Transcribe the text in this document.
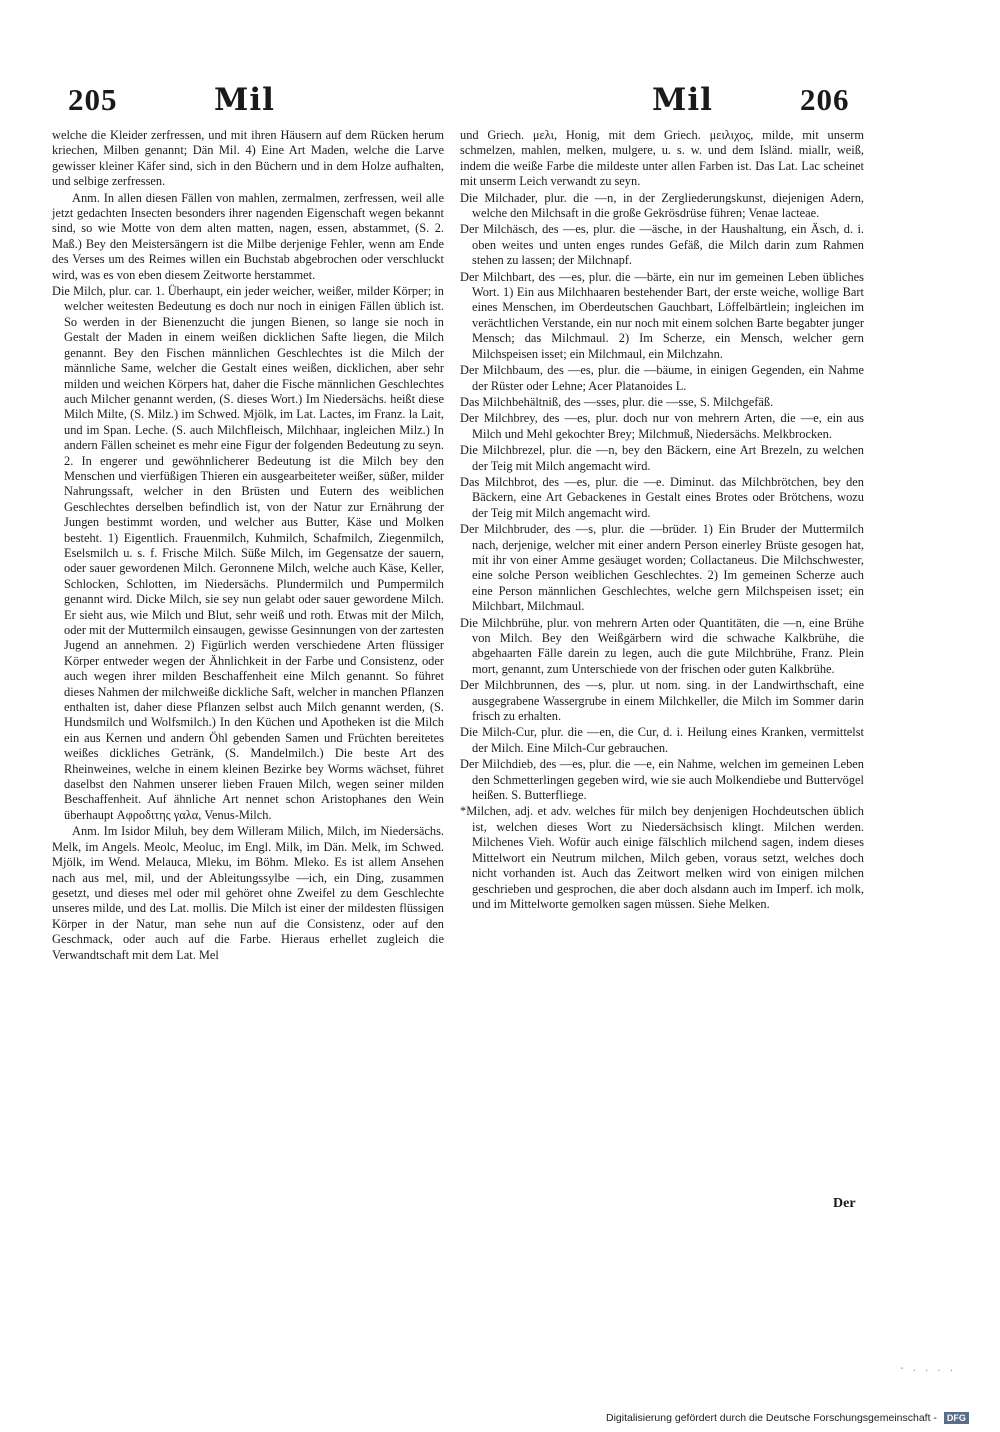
205	Mil	Mil	206

welche die Kleider zerfressen, und mit ihren Häusern auf dem Rücken herum kriechen, Milben genannt; Dän Mil. 4) Eine Art Maden, welche die Larve gewisser kleiner Käfer sind, sich in den Büchern und in dem Holze aufhalten, und selbige zerfressen.

Anm. In allen diesen Fällen von mahlen, zermalmen, zerfressen, weil alle jetzt gedachten Insecten besonders ihrer nagenden Eigenschaft wegen bekannt sind, so wie Motte von dem alten matten, nagen, essen, abstammet, (S. 2. Maß.) Bey den Meistersängern ist die Milbe derjenige Fehler, wenn am Ende des Verses um des Reimes willen ein Buchstab abgebrochen oder verschluckt wird, was es von eben diesem Zeitworte herstammet.

Die Milch, plur. car. 1. Überhaupt, ein jeder weicher, weißer, milder Körper; in welcher weitesten Bedeutung es doch nur noch in einigen Fällen üblich ist. So werden in der Bienenzucht die jungen Bienen, so lange sie noch in Gestalt der Maden in einem weißen dicklichen Safte liegen, die Milch genannt. Bey den Fischen männlichen Geschlechtes ist die Milch der männliche Same, welcher die Gestalt eines weißen, dicklichen, aber sehr milden und weichen Körpers hat, daher die Fische männlichen Geschlechtes auch Milcher genannt werden, (S. dieses Wort.) Im Niedersächs. heißt diese Milch Milte, (S. Milz.) im Schwed. Mjölk, im Lat. Lactes, im Franz. la Lait, und im Span. Leche. (S. auch Milchfleisch, Milchhaar, ingleichen Milz.) In andern Fällen scheinet es mehr eine Figur der folgenden Bedeutung zu seyn. 2. In engerer und gewöhnlicherer Bedeutung ist die Milch bey den Menschen und vierfüßigen Thieren ein ausgearbeiteter weißer, süßer, milder Nahrungssaft, welcher in den Brüsten und Eutern des weiblichen Geschlechtes derselben befindlich ist, von der Natur zur Ernährung der Jungen bestimmt worden, und welcher aus Butter, Käse und Molken besteht. 1) Eigentlich. Frauenmilch, Kuhmilch, Schafmilch, Ziegenmilch, Eselsmilch u. s. f. Frische Milch. Süße Milch, im Gegensatze der sauern, oder sauer gewordenen Milch. Geronnene Milch, welche auch Käse, Keller, Schlocken, Schlotten, im Niedersächs. Plundermilch und Pumpermilch genannt wird. Dicke Milch, sie sey nun gelabt oder sauer gewordene Milch. Er sieht aus, wie Milch und Blut, sehr weiß und roth. Etwas mit der Milch, oder mit der Muttermilch einsaugen, gewisse Gesinnungen von der zartesten Jugend an annehmen. 2) Figürlich werden verschiedene Arten flüssiger Körper entweder wegen der Ähnlichkeit in der Farbe und Consistenz, oder auch wegen ihrer milden Beschaffenheit eine Milch genannt. So führet dieses Nahmen der milchweiße dickliche Saft, welcher in manchen Pflanzen enthalten ist, daher diese Pflanzen selbst auch Milch genannt werden, (S. Hundsmilch und Wolfsmilch.) In den Küchen und Apotheken ist die Milch ein aus Kernen und andern Öhl gebenden Samen und Früchten bereitetes weißes dickliches Getränk, (S. Mandelmilch.) Die beste Art des Rheinweines, welche in einem kleinen Bezirke bey Worms wächset, führet daselbst den Nahmen unserer lieben Frauen Milch, wegen seiner milden Beschaffenheit. Auf ähnliche Art nennet schon Aristophanes den Wein überhaupt Αφροδιτης γαλα, Venus-Milch.

Anm. Im Isidor Miluh, bey dem Willeram Milich, Milch, im Niedersächs. Melk, im Angels. Meolc, Meoluc, im Engl. Milk, im Dän. Melk, im Schwed. Mjölk, im Wend. Melauca, Mleku, im Böhm. Mleko. Es ist allem Ansehen nach aus mel, mil, und der Ableitungssylbe —ich, ein Ding, zusammen gesetzt, und dieses mel oder mil gehöret ohne Zweifel zu dem Geschlechte unseres milde, und des Lat. mollis. Die Milch ist einer der mildesten flüssigen Körper in der Natur, man sehe nun auf die Consistenz, oder auf den Geschmack, oder auch auf die Farbe. Hieraus erhellet zugleich die Verwandtschaft mit dem Lat. Mel

und Griech. μελι, Honig, mit dem Griech. μειλιχος, milde, mit unserm schmelzen, mahlen, melken, mulgere, u. s. w. und dem Isländ. miallr, weiß, indem die weiße Farbe die mildeste unter allen Farben ist. Das Lat. Lac scheinet mit unserm Leich verwandt zu seyn.

Die Milchader, plur. die —n, in der Zergliederungskunst, diejenigen Adern, welche den Milchsaft in die große Gekrösdrüse führen; Venae lacteae.

Der Milchäsch, des —es, plur. die —äsche, in der Haushaltung, ein Äsch, d. i. oben weites und unten enges rundes Gefäß, die Milch darin zum Rahmen stehen zu lassen; der Milchnapf.

Der Milchbart, des —es, plur. die —bärte, ein nur im gemeinen Leben übliches Wort. 1) Ein aus Milchhaaren bestehender Bart, der erste weiche, wollige Bart eines Menschen, im Oberdeutschen Gauchbart, Löffelbärtlein; ingleichen im verächtlichen Verstande, ein nur noch mit einem solchen Barte begabter junger Mensch; das Milchmaul. 2) Im Scherze, ein Mensch, welcher gern Milchspeisen isset; ein Milchmaul, ein Milchzahn.

Der Milchbaum, des —es, plur. die —bäume, in einigen Gegenden, ein Nahme der Rüster oder Lehne; Acer Platanoides L.

Das Milchbehältniß, des —sses, plur. die —sse, S. Milchgefäß.

Der Milchbrey, des —es, plur. doch nur von mehrern Arten, die —e, ein aus Milch und Mehl gekochter Brey; Milchmuß, Niedersächs. Melkbrocken.

Die Milchbrezel, plur. die —n, bey den Bäckern, eine Art Brezeln, zu welchen der Teig mit Milch angemacht wird.

Das Milchbrot, des —es, plur. die —e. Diminut. das Milchbrötchen, bey den Bäckern, eine Art Gebackenes in Gestalt eines Brotes oder Brötchens, wozu der Teig mit Milch angemacht wird.

Der Milchbruder, des —s, plur. die —brüder. 1) Ein Bruder der Muttermilch nach, derjenige, welcher mit einer andern Person einerley Brüste gesogen hat, mit ihr von einer Amme gesäuget worden; Collactaneus. Die Milchschwester, eine solche Person weiblichen Geschlechtes. 2) Im gemeinen Scherze auch eine Person männlichen Geschlechtes, welche gern Milchspeisen isset; ein Milchbart, Milchmaul.

Die Milchbrühe, plur. von mehrern Arten oder Quantitäten, die —n, eine Brühe von Milch. Bey den Weißgärbern wird die schwache Kalkbrühe, die abgehaarten Fälle darein zu legen, auch die gute Milchbrühe, Franz. Plein mort, genannt, zum Unterschiede von der frischen oder guten Kalkbrühe.

Der Milchbrunnen, des —s, plur. ut nom. sing. in der Landwirthschaft, eine ausgegrabene Wassergrube in einem Milchkeller, die Milch im Sommer darin frisch zu erhalten.

Die Milch-Cur, plur. die —en, die Cur, d. i. Heilung eines Kranken, vermittelst der Milch. Eine Milch-Cur gebrauchen.

Der Milchdieb, des —es, plur. die —e, ein Nahme, welchen im gemeinen Leben den Schmetterlingen gegeben wird, wie sie auch Molkendiebe und Buttervögel heißen. S. Butterfliege.

*Milchen, adj. et adv. welches für milch bey denjenigen Hochdeutschen üblich ist, welchen dieses Wort zu Niedersächsisch klingt. Milchen werden. Milchenes Vieh. Wofür auch einige fälschlich milchend sagen, indem dieses Mittelwort ein Neutrum milchen, Milch geben, voraus setzt, welches doch nicht vorhanden ist. Auch das Zeitwort melken wird von einigen milchen geschrieben und gesprochen, die aber doch alsdann auch im Imperf. ich molk, und im Mittelworte gemolken sagen müssen. Siehe Melken.

Der
- . . . .
Digitalisierung gefördert durch die Deutsche Forschungsgemeinschaft - DFG
